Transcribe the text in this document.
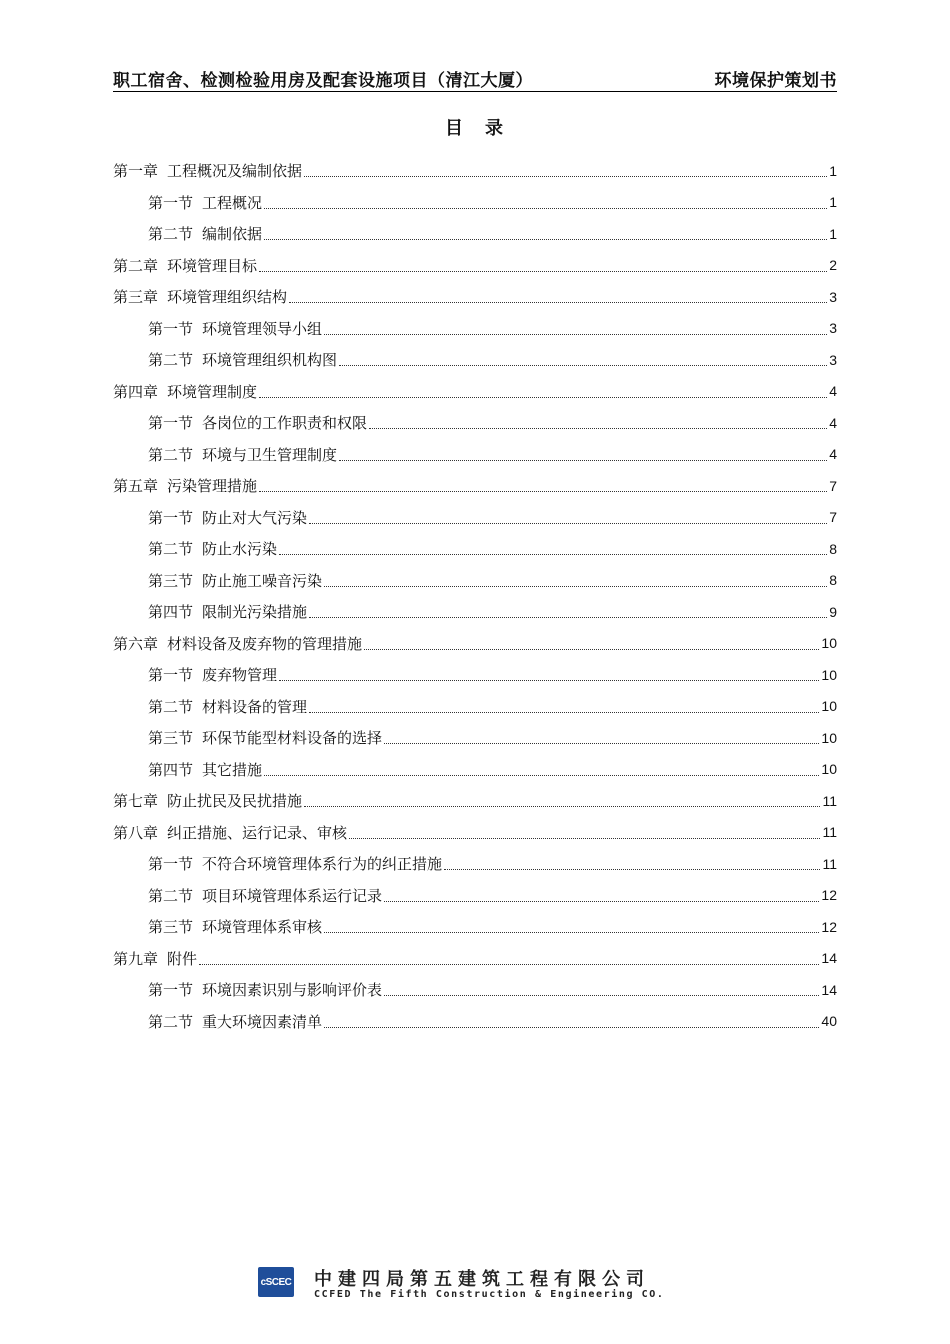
职工宿舍、检测检验用房及配套设施项目（清江大厦）	环境保护策划书
目　录
第一章 工程概况及编制依据	1
第一节 工程概况	1
第二节 编制依据	1
第二章 环境管理目标	2
第三章 环境管理组织结构	3
第一节 环境管理领导小组	3
第二节 环境管理组织机构图	3
第四章 环境管理制度	4
第一节 各岗位的工作职责和权限	4
第二节 环境与卫生管理制度	4
第五章 污染管理措施	7
第一节 防止对大气污染	7
第二节 防止水污染	8
第三节 防止施工噪音污染	8
第四节 限制光污染措施	9
第六章 材料设备及废弃物的管理措施	10
第一节 废弃物管理	10
第二节 材料设备的管理	10
第三节 环保节能型材料设备的选择	10
第四节 其它措施	10
第七章 防止扰民及民扰措施	11
第八章 纠正措施、运行记录、审核	11
第一节 不符合环境管理体系行为的纠正措施	11
第二节 项目环境管理体系运行记录	12
第三节 环境管理体系审核	12
第九章 附件	14
第一节 环境因素识别与影响评价表	14
第二节 重大环境因素清单	40
cSCEC 中建四局第五建筑工程有限公司
CCFED The Fifth Construction & Engineering CO.
